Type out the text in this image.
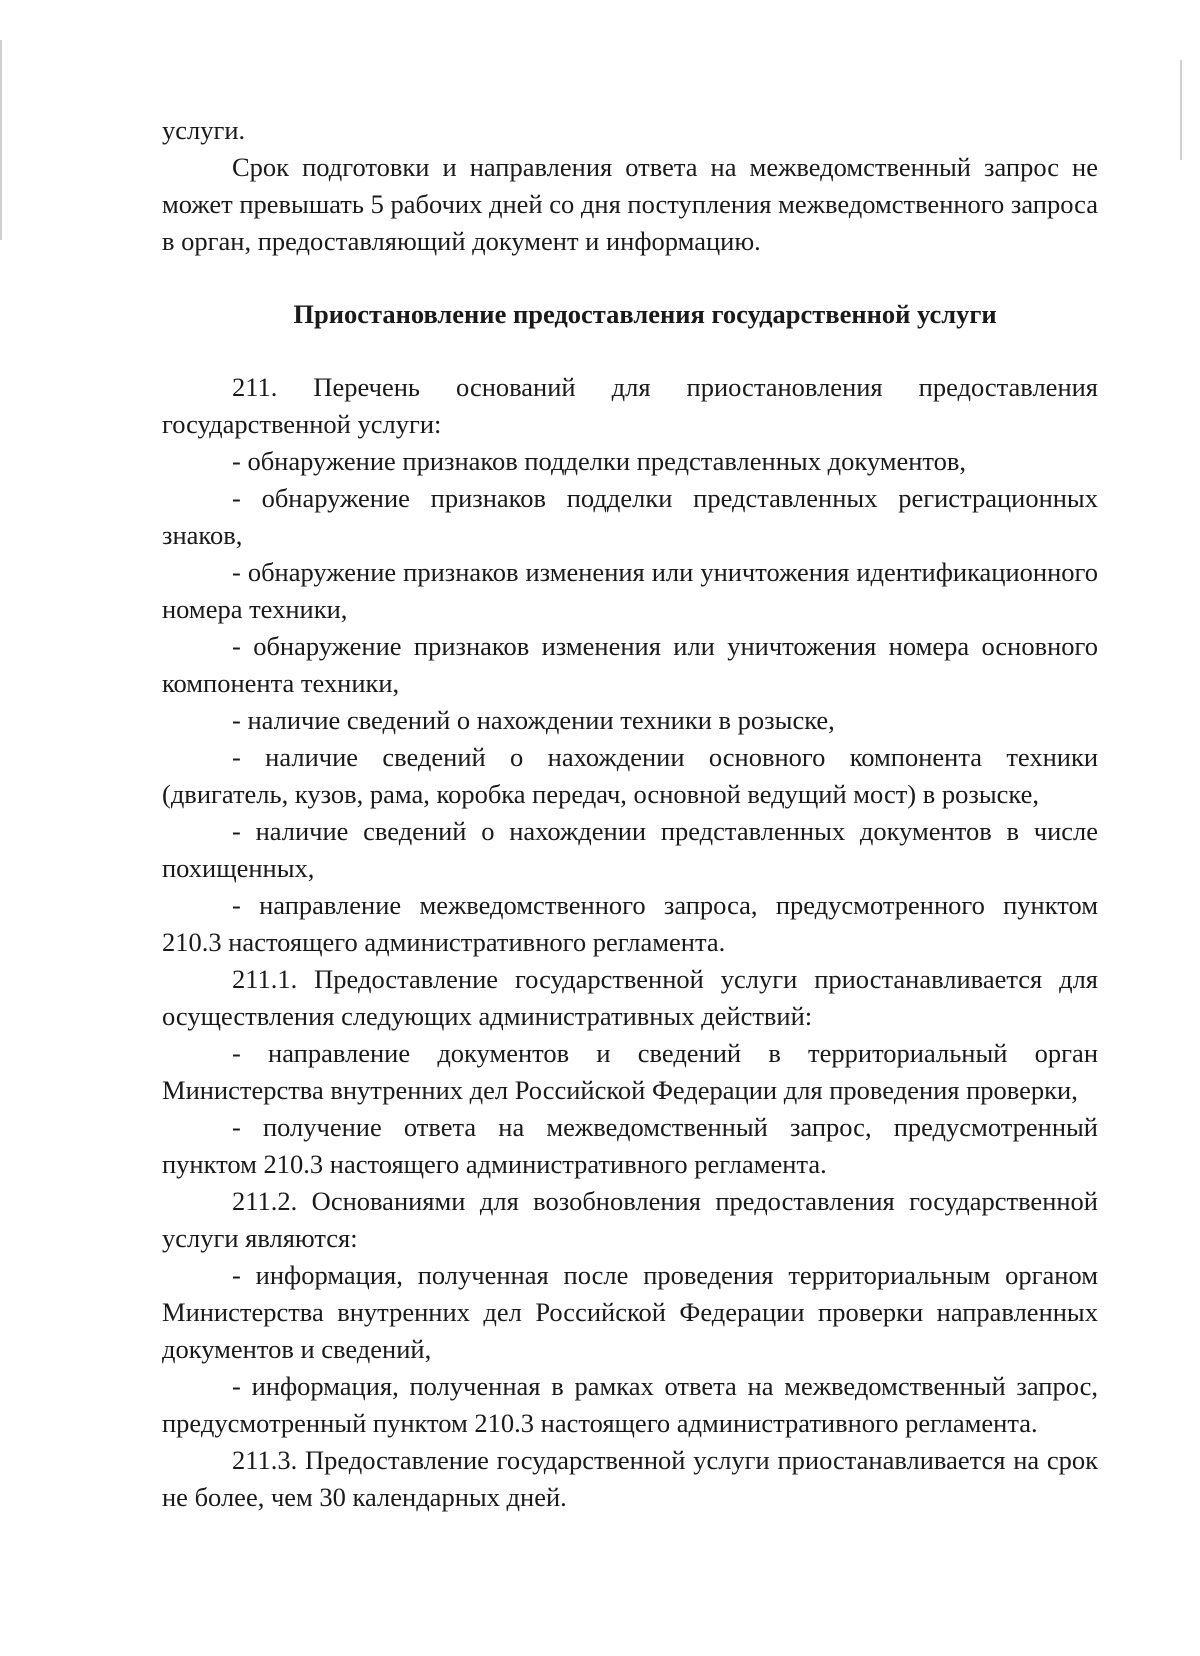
услуги.

Срок подготовки и направления ответа на межведомственный запрос не может превышать 5 рабочих дней со дня поступления межведомственного запроса в орган, предоставляющий документ и информацию.

Приостановление предоставления государственной услуги

211. Перечень оснований для приостановления предоставления государственной услуги:

- обнаружение признаков подделки представленных документов,

- обнаружение признаков подделки представленных регистрационных знаков,

- обнаружение признаков изменения или уничтожения идентификационного номера техники,

- обнаружение признаков изменения или уничтожения номера основного компонента техники,

- наличие сведений о нахождении техники в розыске,

- наличие сведений о нахождении основного компонента техники (двигатель, кузов, рама, коробка передач, основной ведущий мост) в розыске,

- наличие сведений о нахождении представленных документов в числе похищенных,

- направление межведомственного запроса, предусмотренного пунктом 210.3 настоящего административного регламента.

211.1. Предоставление государственной услуги приостанавливается для осуществления следующих административных действий:

- направление документов и сведений в территориальный орган Министерства внутренних дел Российской Федерации для проведения проверки,

- получение ответа на межведомственный запрос, предусмотренный пунктом 210.3 настоящего административного регламента.

211.2. Основаниями для возобновления предоставления государственной услуги являются:

- информация, полученная после проведения территориальным органом Министерства внутренних дел Российской Федерации проверки направленных документов и сведений,

- информация, полученная в рамках ответа на межведомственный запрос, предусмотренный пунктом 210.3 настоящего административного регламента.

211.3. Предоставление государственной услуги приостанавливается на срок не более, чем 30 календарных дней.
